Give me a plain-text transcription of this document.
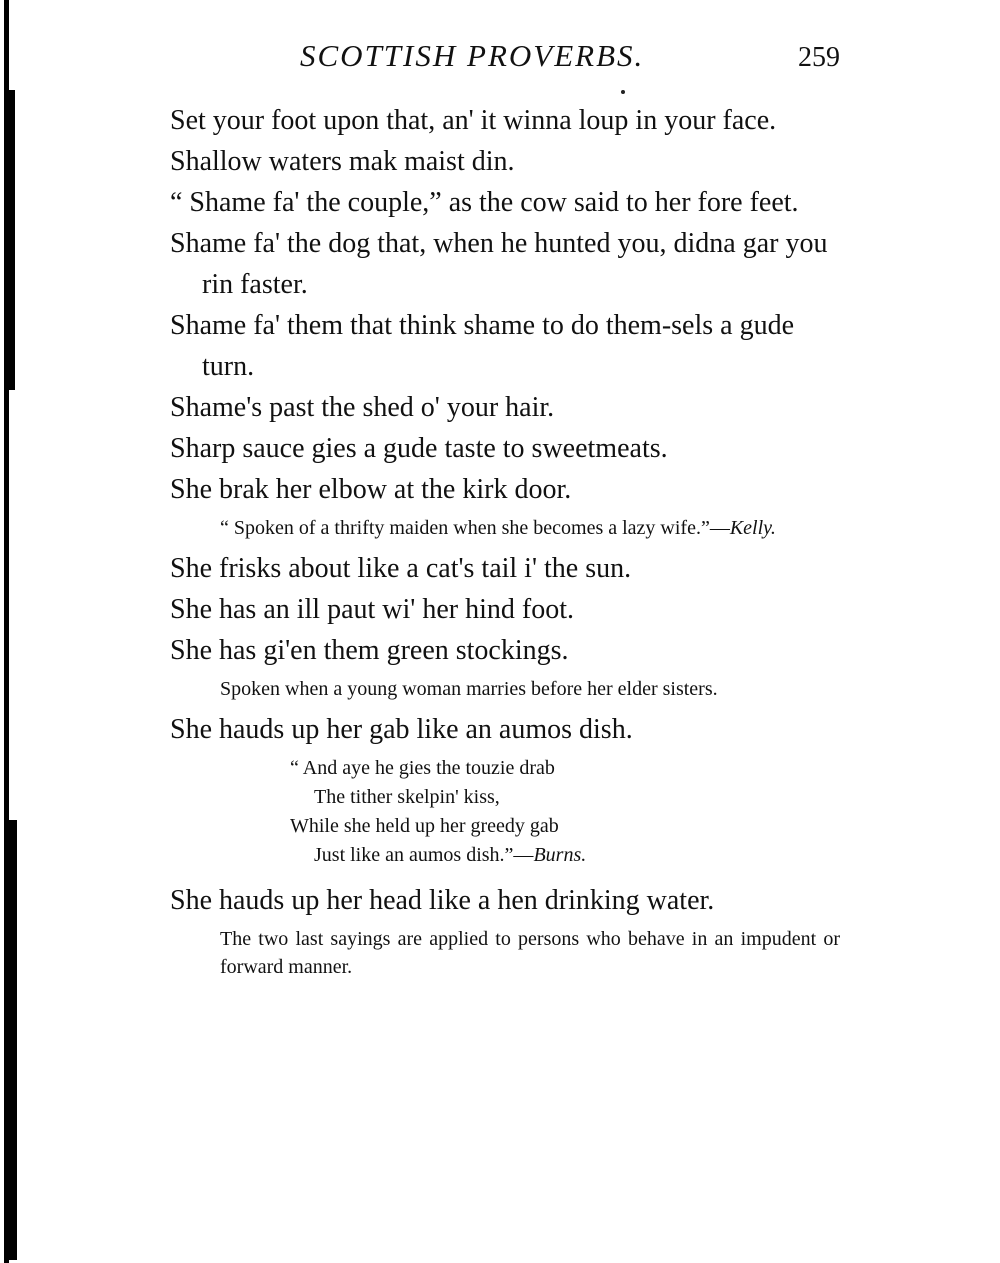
SCOTTISH PROVERBS.	259
Set your foot upon that, an' it winna loup in your face.
Shallow waters mak maist din.
“ Shame fa' the couple,” as the cow said to her fore feet.
Shame fa' the dog that, when he hunted you, didna gar you rin faster.
Shame fa' them that think shame to do them-sels a gude turn.
Shame's past the shed o' your hair.
Sharp sauce gies a gude taste to sweetmeats.
She brak her elbow at the kirk door.
“ Spoken of a thrifty maiden when she becomes a lazy wife.”—Kelly.
She frisks about like a cat's tail i' the sun.
She has an ill paut wi' her hind foot.
She has gi'en them green stockings.
Spoken when a young woman marries before her elder sisters.
She hauds up her gab like an aumos dish.
“ And aye he gies the touzie drab
The tither skelpin' kiss,
While she held up her greedy gab
Just like an aumos dish.”—Burns.
She hauds up her head like a hen drinking water.
The two last sayings are applied to persons who behave in an impudent or forward manner.
